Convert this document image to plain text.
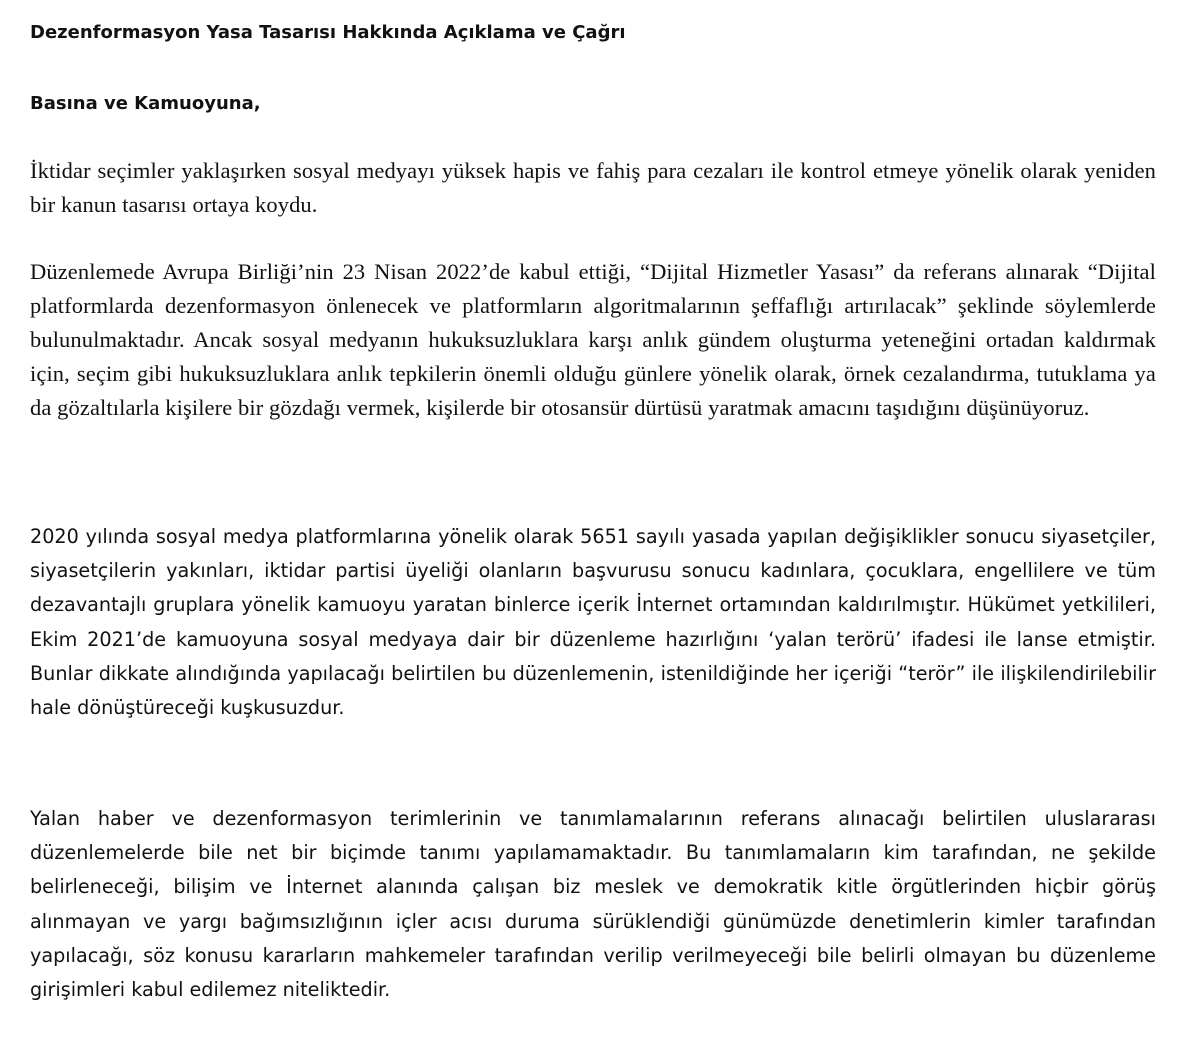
Dezenformasyon Yasa Tasarısı Hakkında Açıklama ve Çağrı

Basına ve Kamuoyuna,

İktidar seçimler yaklaşırken sosyal medyayı yüksek hapis ve fahiş para cezaları ile kontrol etmeye yönelik olarak yeniden bir kanun tasarısı ortaya koydu.

Düzenlemede Avrupa Birliği’nin 23 Nisan 2022’de kabul ettiği, “Dijital Hizmetler Yasası” da referans alınarak “Dijital platformlarda dezenformasyon önlenecek ve platformların algoritmalarının şeffaflığı artırılacak” şeklinde söylemlerde bulunulmaktadır. Ancak sosyal medyanın hukuksuzluklara karşı anlık gündem oluşturma yeteneğini ortadan kaldırmak için, seçim gibi hukuksuzluklara anlık tepkilerin önemli olduğu günlere yönelik olarak, örnek cezalandırma, tutuklama ya da gözaltılarla kişilere bir gözdağı vermek, kişilerde bir otosansür dürtüsü yaratmak amacını taşıdığını düşünüyoruz.

2020 yılında sosyal medya platformlarına yönelik olarak 5651 sayılı yasada yapılan değişiklikler sonucu siyasetçiler, siyasetçilerin yakınları, iktidar partisi üyeliği olanların başvurusu sonucu kadınlara, çocuklara, engellilere ve tüm dezavantajlı gruplara yönelik kamuoyu yaratan binlerce içerik İnternet ortamından kaldırılmıştır. Hükümet yetkilileri, Ekim 2021’de kamuoyuna sosyal medyaya dair bir düzenleme hazırlığını ‘yalan terörü’ ifadesi ile lanse etmiştir. Bunlar dikkate alındığında yapılacağı belirtilen bu düzenlemenin, istenildiğinde her içeriği “terör” ile ilişkilendirilebilir hale dönüştüreceği kuşkusuzdur.

Yalan haber ve dezenformasyon terimlerinin ve tanımlamalarının referans alınacağı belirtilen uluslararası düzenlemelerde bile net bir biçimde tanımı yapılamamaktadır. Bu tanımlamaların kim tarafından, ne şekilde belirleneceği, bilişim ve İnternet alanında çalışan biz meslek ve demokratik kitle örgütlerinden hiçbir görüş alınmayan ve yargı bağımsızlığının içler acısı duruma sürüklendiği günümüzde denetimlerin kimler tarafından yapılacağı, söz konusu kararların mahkemeler tarafından verilip verilmeyeceği bile belirli olmayan bu düzenleme girişimleri kabul edilemez niteliktedir.
